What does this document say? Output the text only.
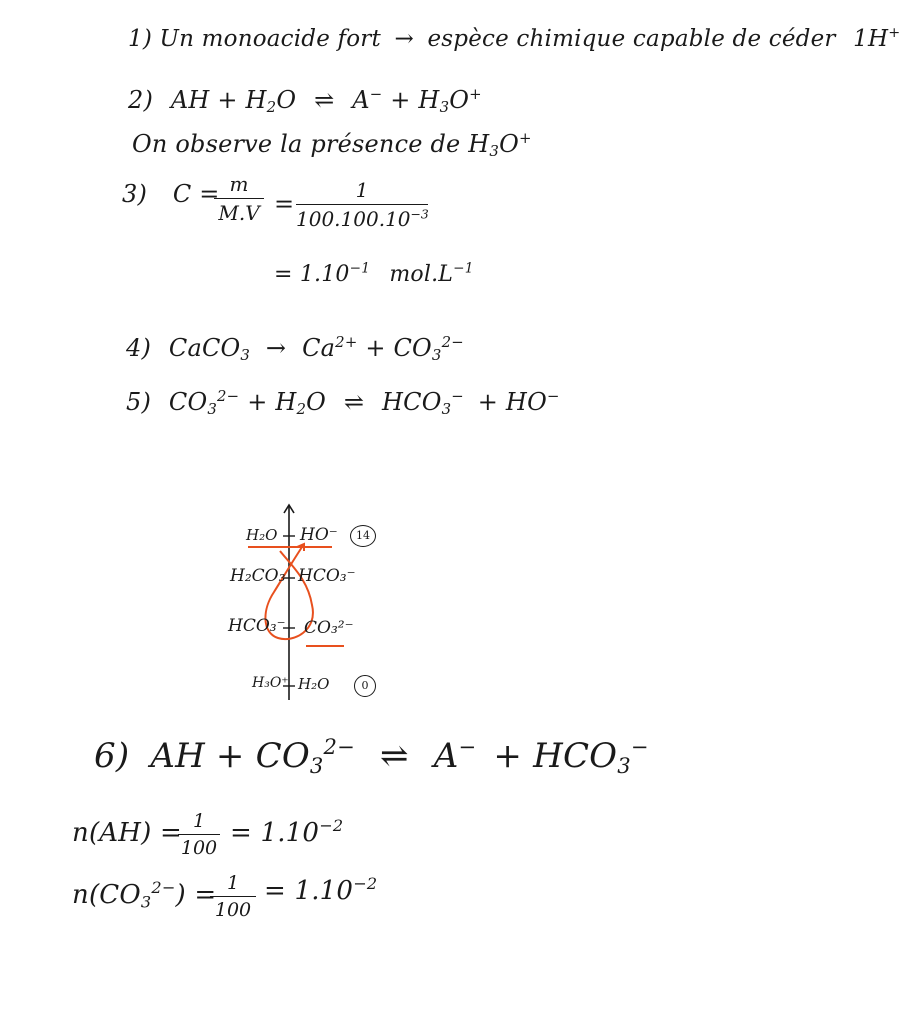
1) Un monoacide fort → espèce chimique capable de céder 1H+
2) AH + $H_2O$ ⇌ $A^- + H_3O^+$
On observe la présence de $H_3O^+$
3) C = m
M.V =	1
$100.100.10^{-3}$
= $1.10^{-1}$ $mol.L^{-1}$
4) CaCO$_3$ → $Ca^{2+} + CO_3^{2-}$
5) $CO_3^{2-} + H_2O$ ⇌ $HCO_3^- + HO^-$
H₂O HO⁻	14
H₂CO₃ HCO₃⁻
HCO₃⁻ CO₃²⁻
H₃O⁺ H₂O	0
6) AH + $CO_3^{2-}$ ⇌ $A^- + HCO_3^-$
n(AH) = 1
$100 = 1.10^{-2}$
$n(CO_3^{2-}) = 1$
100
= $1.10^{-2}$
